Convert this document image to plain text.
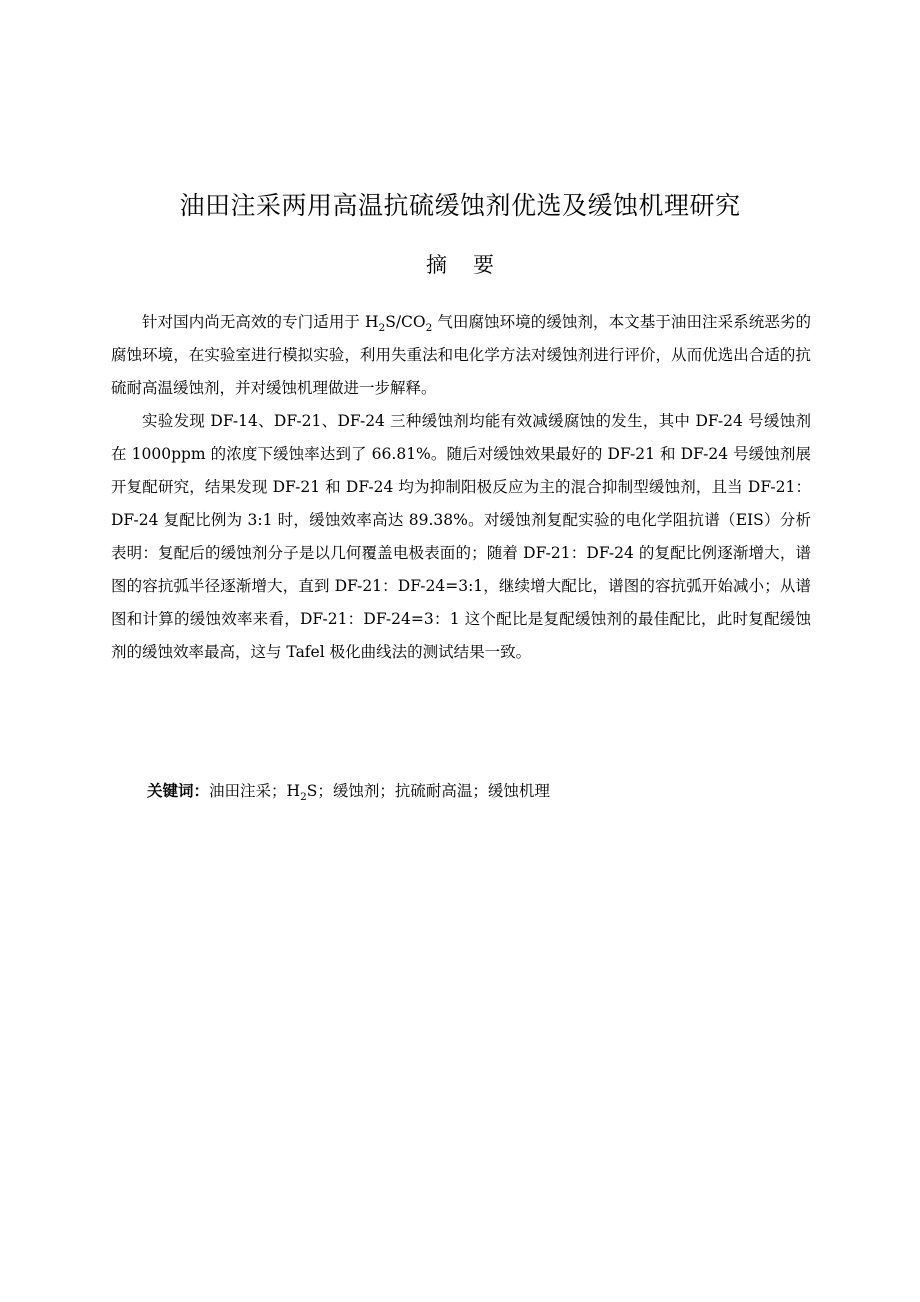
油田注采两用高温抗硫缓蚀剂优选及缓蚀机理研究
摘 要

针对国内尚无高效的专门适用于 $H_2S/CO_2$ 气田腐蚀环境的缓蚀剂，本文基于油田注采系统恶劣的腐蚀环境，在实验室进行模拟实验，利用失重法和电化学方法对缓蚀剂进行评价，从而优选出合适的抗硫耐高温缓蚀剂，并对缓蚀机理做进一步解释。

实验发现 DF-14、DF-21、DF-24 三种缓蚀剂均能有效减缓腐蚀的发生，其中 DF-24 号缓蚀剂在 1000ppm 的浓度下缓蚀率达到了 66.81%。随后对缓蚀效果最好的 DF-21 和 DF-24 号缓蚀剂展开复配研究，结果发现 DF-21 和 DF-24 均为抑制阳极反应为主的混合抑制型缓蚀剂，且当 DF-21：DF-24 复配比例为 3:1 时，缓蚀效率高达 89.38%。对缓蚀剂复配实验的电化学阻抗谱（EIS）分析表明：复配后的缓蚀剂分子是以几何覆盖电极表面的；随着 DF-21：DF-24 的复配比例逐渐增大，谱图的容抗弧半径逐渐增大，直到 DF-21：DF-24=3:1，继续增大配比，谱图的容抗弧开始减小；从谱图和计算的缓蚀效率来看，DF-21：DF-24=3：1 这个配比是复配缓蚀剂的最佳配比，此时复配缓蚀剂的缓蚀效率最高，这与 Tafel 极化曲线法的测试结果一致。

关键词：油田注采；$H_2S$；缓蚀剂；抗硫耐高温；缓蚀机理
